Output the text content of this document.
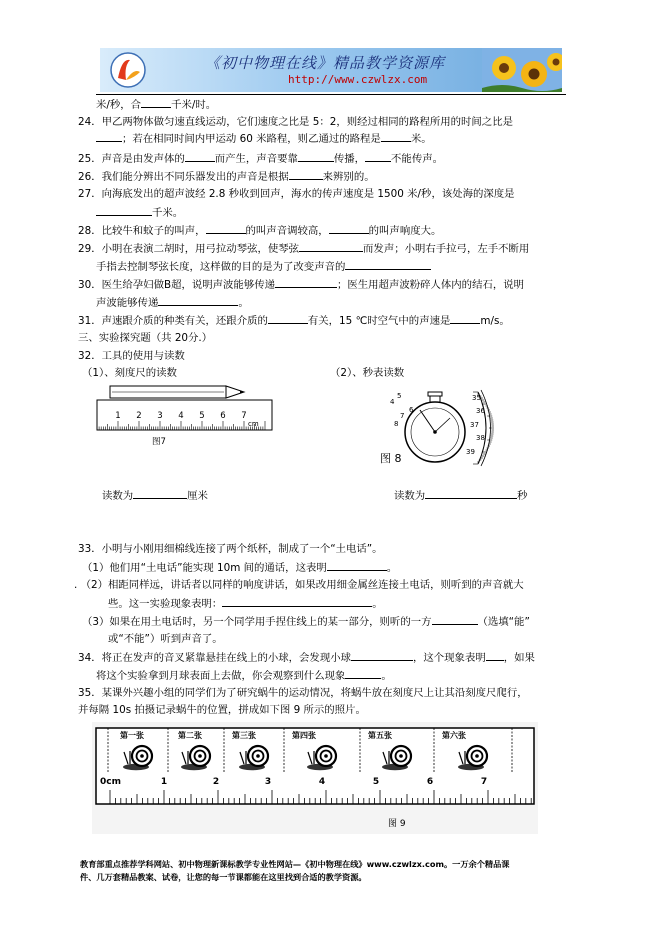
《初中物理在线》精品教学资源库
http://www.czwlzx.com
米/秒，合	千米/时。
24．甲乙两物体做匀速直线运动，它们速度之比是 5：2，则经过相同的路程所用的时间之比是
；若在相同时间内甲运动 60 米路程，则乙通过的路程是	米。
25．声音是由发声体的	而产生，声音要靠	传播，	不能传声。
26．我们能分辨出不同乐器发出的声音是根据	来辨别的。
27．向海底发出的超声波经 2.8 秒收到回声，海水的传声速度是 1500 米/秒，该处海的深度是
千米。
28．比较牛和蚊子的叫声，	的叫声音调较高，	的叫声响度大。
29．小明在表演二胡时，用弓拉动琴弦，使琴弦	而发声；小明右手拉弓，左手不断用
手指去控制琴弦长度，这样做的目的是为了改变声音的
30．医生给孕妇做B超，说明声波能够传递	；医生用超声波粉碎人体内的结石，说明
声波能够传递	。
31．声速跟介质的种类有关，还跟介质的	有关，15 ℃时空气中的声速是	m/s。
三、实验探究题（共 20分.）
32．工具的使用与读数
（1）、刻度尺的读数	（2）、秒表读数
1 2 3 4 5 6 7
cm
图7
35
36
37
38
39
6
7
8
4
5
图 8
读数为	厘米	读数为	秒
33．小明与小刚用细棉线连接了两个纸杯，制成了一个“土电话”。
（1）他们用“土电话”能实现 10m 间的通话，这表明	。
. （2）相距同样远，讲话者以同样的响度讲话，如果改用细金属丝连接土电话，则听到的声音就大
些。这一实验现象表明：	。
（3）如果在用土电话时，另一个同学用手捏住线上的某一部分，则听的一方	（选填“能”
或“不能”）听到声音了。
34．将正在发声的音叉紧靠悬挂在线上的小球，会发现小球	，这个现象表明 ，如果
将这个实验拿到月球表面上去做，你会观察到什么现象	。
35．某课外兴趣小组的同学们为了研究蜗牛的运动情况，将蜗牛放在刻度尺上让其沿刻度尺爬行，
并每隔 10s 拍摄记录蜗牛的位置，拼成如下图 9 所示的照片。
第一张	第二张	第三张	第四张	第五张	第六张
0cm	1	2	3	4	5	6	7
图 9
教育部重点推荐学科网站、初中物理新课标教学专业性网站—《初中物理在线》www.czwlzx.com。一万余个精品课
件、几万套精品教案、试卷，让您的每一节课都能在这里找到合适的教学资源。
